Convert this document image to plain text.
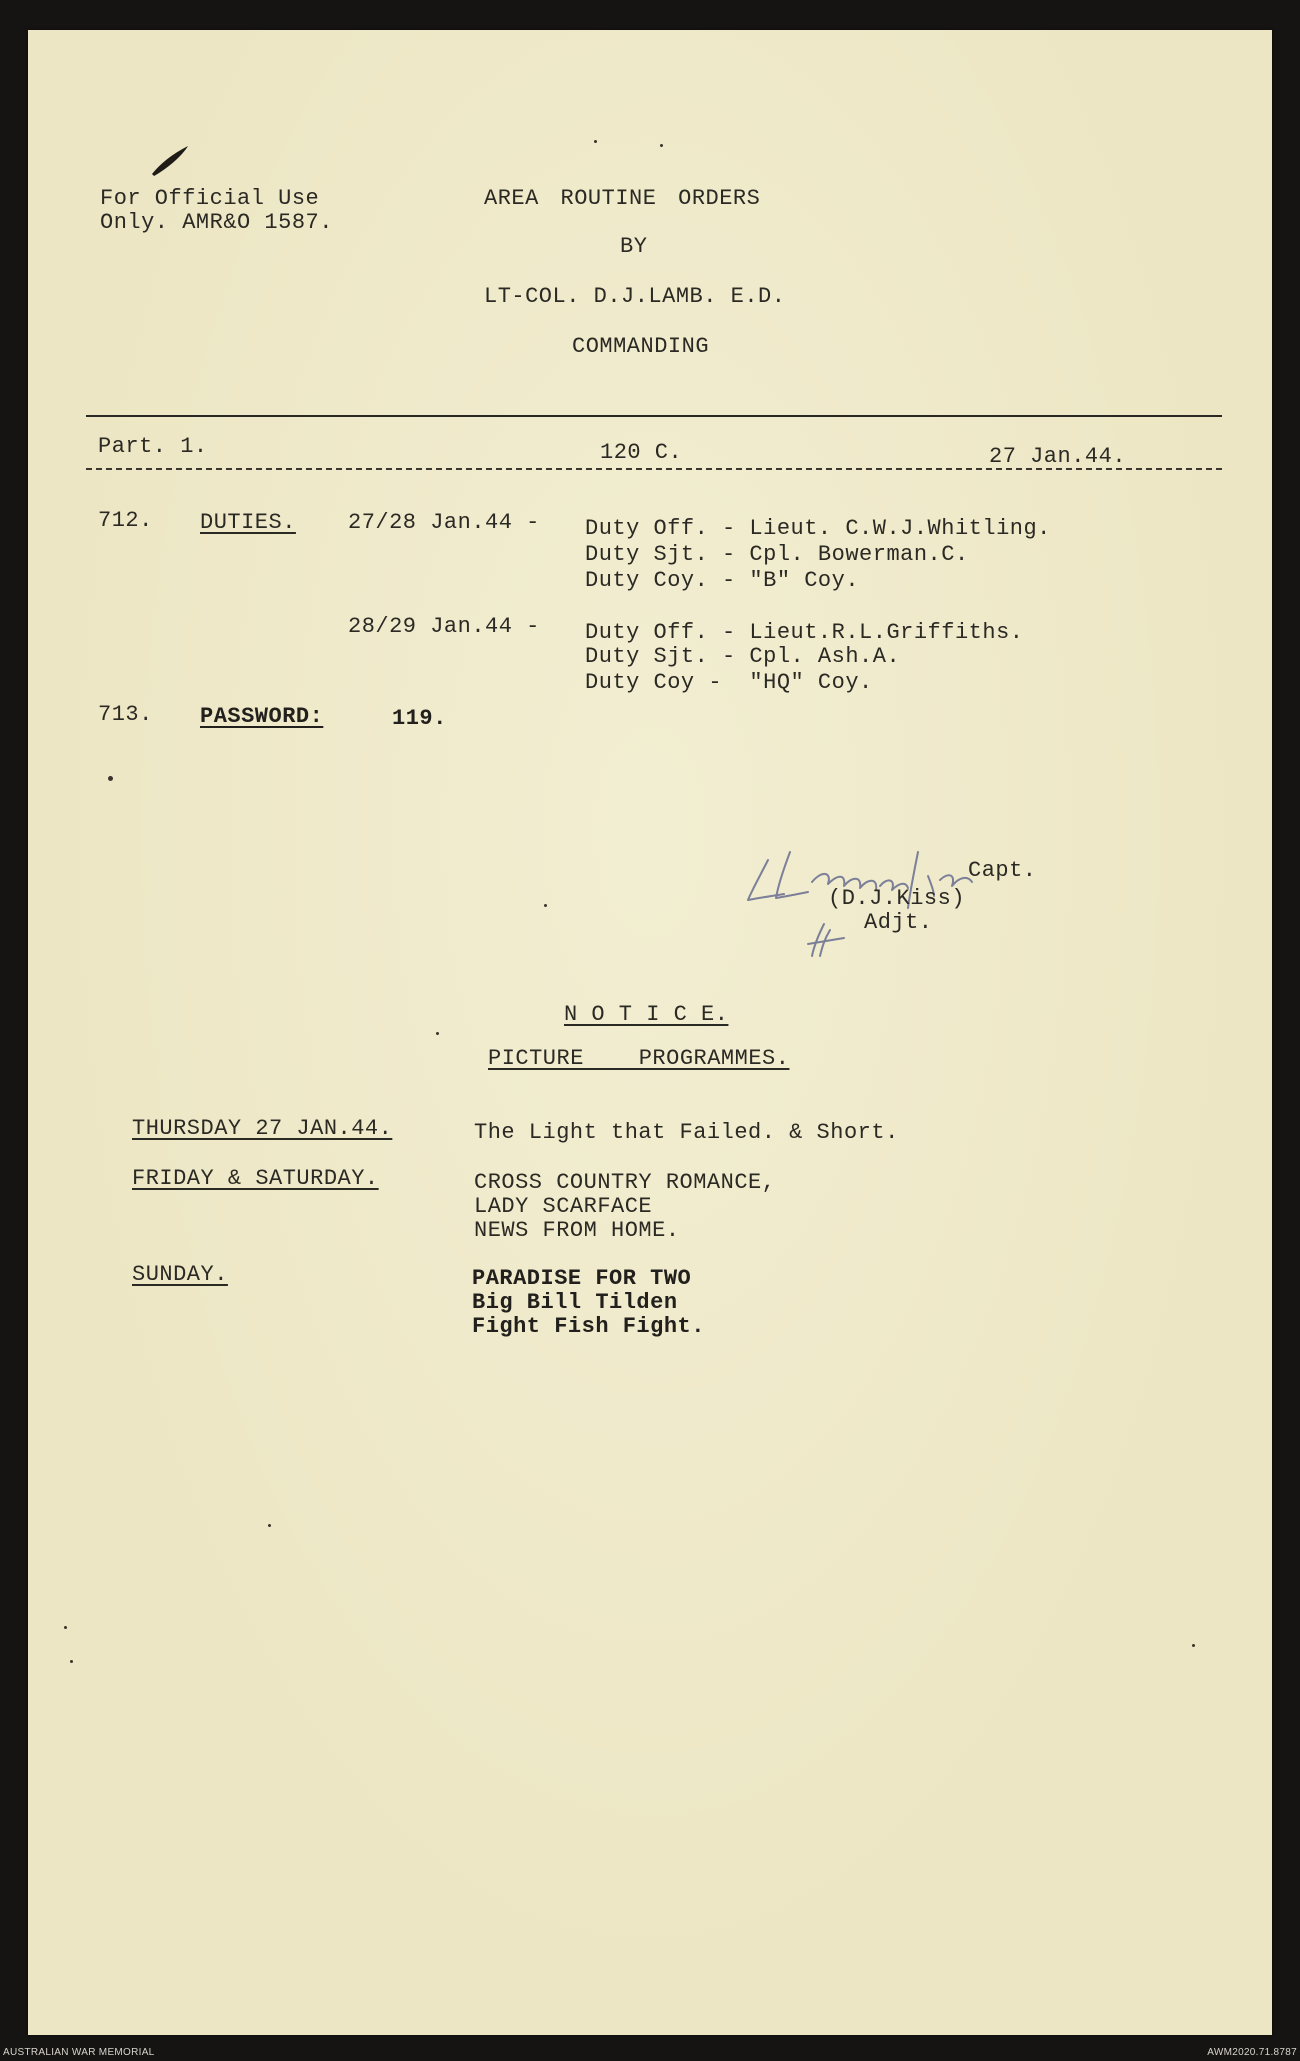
For Official Use
Only. AMR&O 1587.
AREA ROUTINE ORDERS
BY
LT-COL. D.J.LAMB. E.D.
COMMANDING
Part. 1.	120 C.	27 Jan.44.
712. DUTIES. 27/28 Jan.44 - Duty Off. - Lieut. C.W.J.Whitling.
Duty Sjt. - Cpl. Bowerman.C.
Duty Coy. - "B" Coy.
28/29 Jan.44 - Duty Off. - Lieut.R.L.Griffiths.
Duty Sjt. - Cpl. Ash.A.
Duty Coy -  "HQ" Coy.
713. PASSWORD:	119.
Capt.
(D.J.Kiss)
Adjt.
N O T I C E.
PICTURE    PROGRAMMES.
THURSDAY 27 JAN.44.	The Light that Failed. & Short.
FRIDAY & SATURDAY.	CROSS COUNTRY ROMANCE,
LADY SCARFACE
NEWS FROM HOME.
SUNDAY.	PARADISE FOR TWO
Big Bill Tilden
Fight Fish Fight.
AUSTRALIAN WAR MEMORIAL	AWM2020.71.8787
